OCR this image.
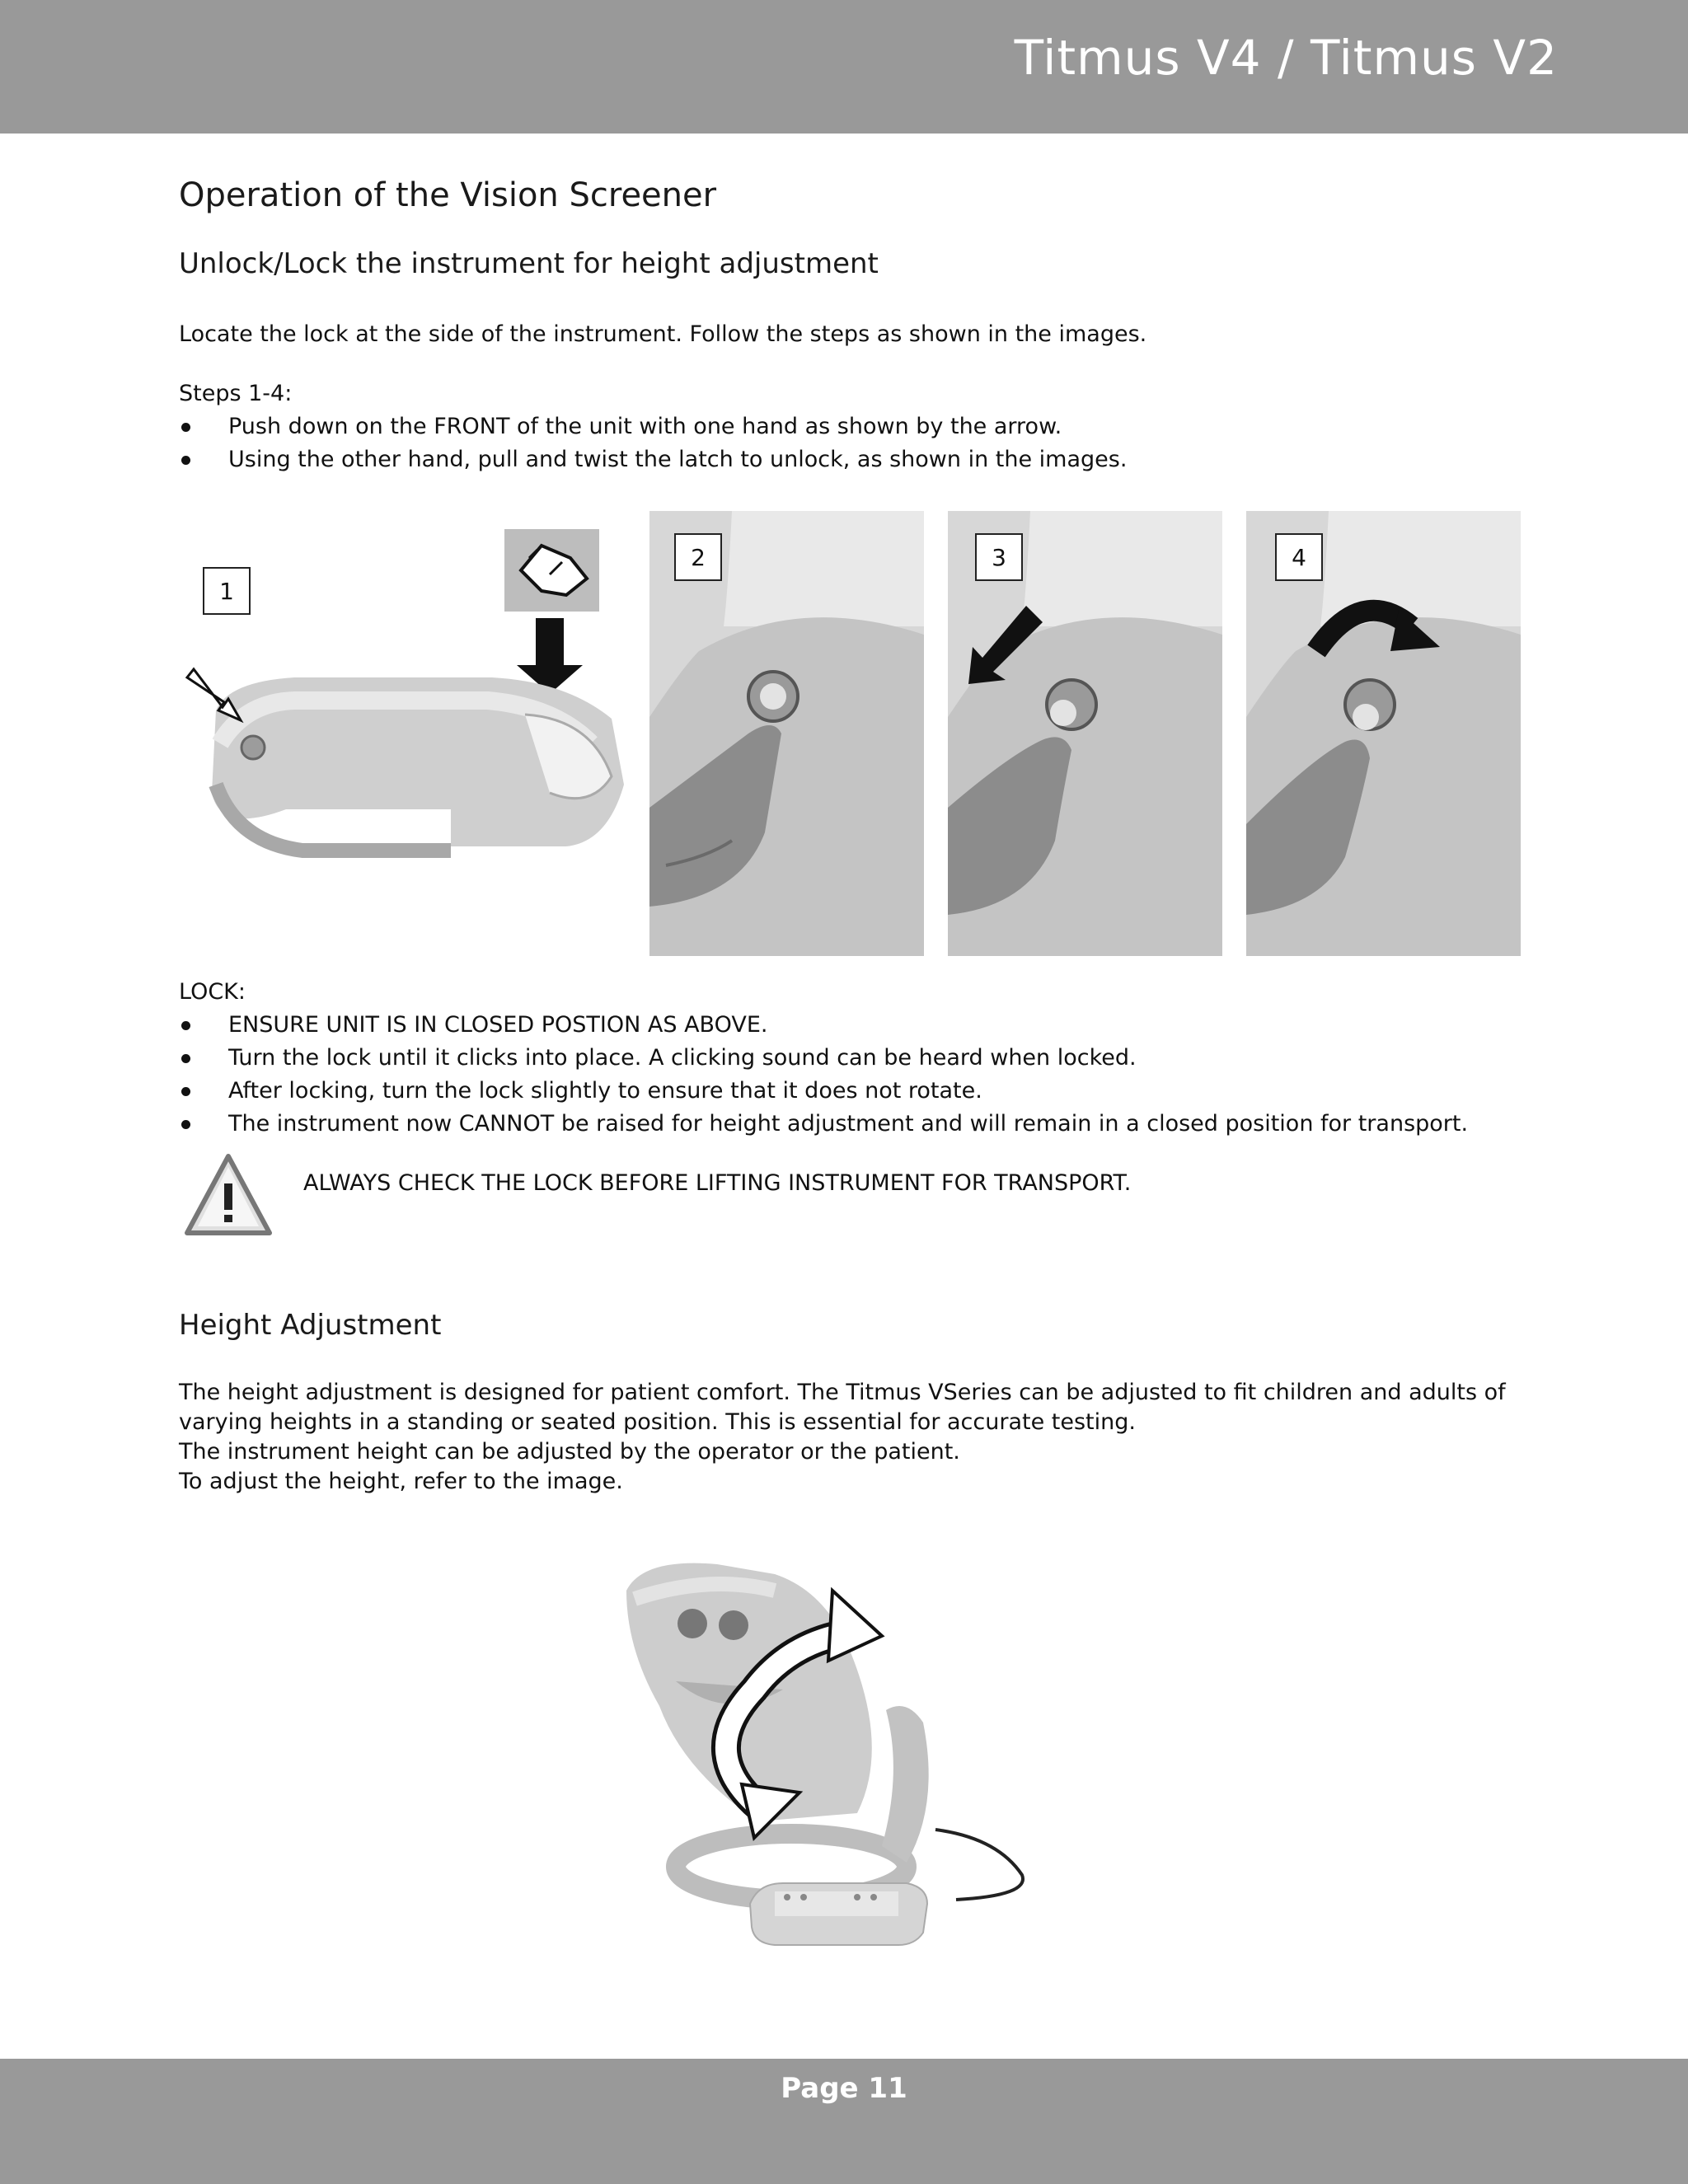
Titmus V4 / Titmus V2
Operation of the Vision Screener
Unlock/Lock the instrument for height adjustment
Locate the lock at the side of the instrument. Follow the steps as shown in the images.
Steps 1-4:
Push down on the FRONT of the unit with one hand as shown by the arrow.
Using the other hand, pull and twist the latch to unlock, as shown in the images.
1
2	3	4
LOCK:
ENSURE UNIT IS IN CLOSED POSTION AS ABOVE.
Turn the lock until it clicks into place. A clicking sound can be heard when locked.
After locking, turn the lock slightly to ensure that it does not rotate.
The instrument now CANNOT be raised for height adjustment and will remain in a closed position for transport.
ALWAYS CHECK THE LOCK BEFORE LIFTING INSTRUMENT FOR TRANSPORT.
Height Adjustment
The height adjustment is designed for patient comfort. The Titmus VSeries can be adjusted to fit children and adults of
varying heights in a standing or seated position. This is essential for accurate testing.
The instrument height can be adjusted by the operator or the patient.
To adjust the height, refer to the image.
Page 11
